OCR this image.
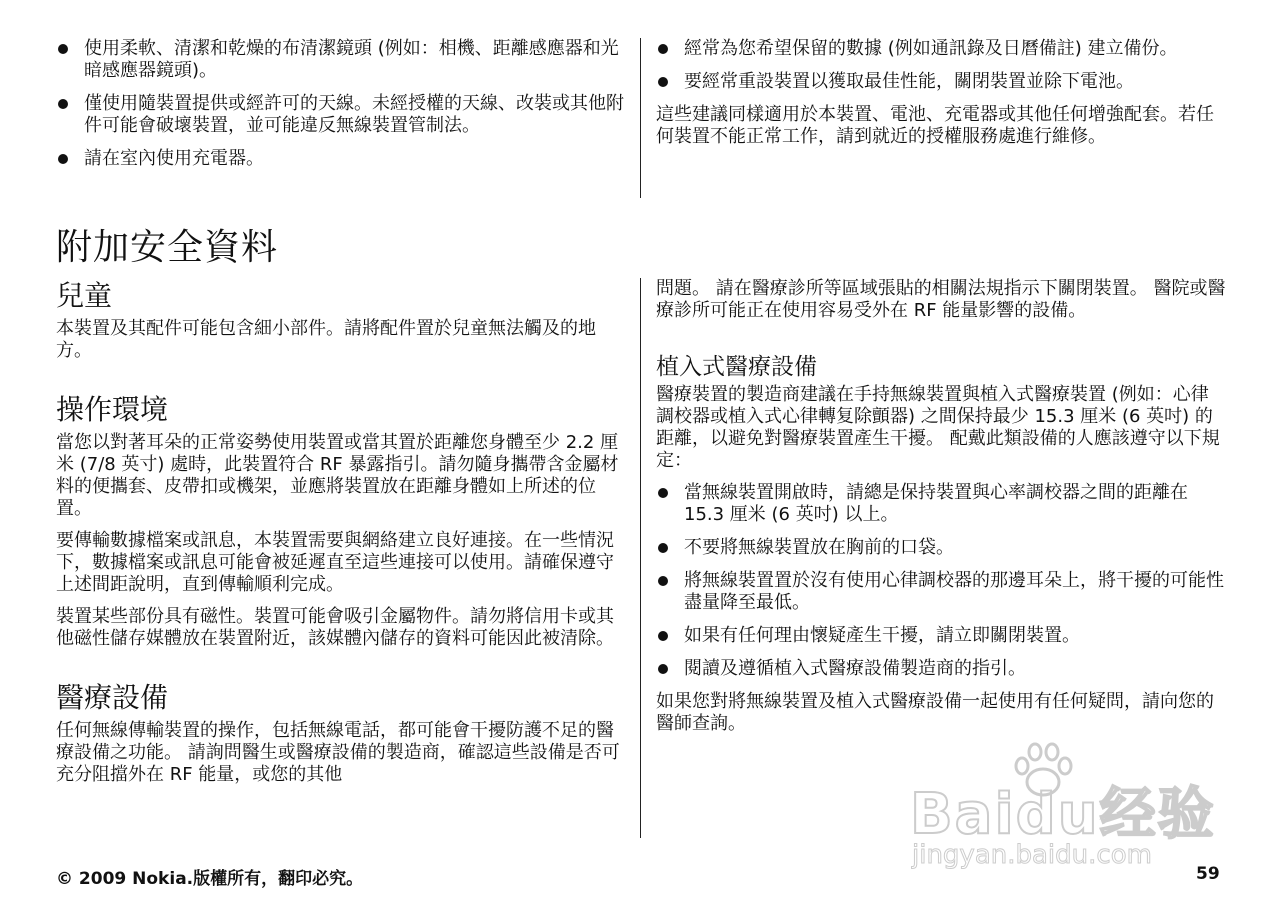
使用柔軟、清潔和乾燥的布清潔鏡頭 (例如：相機、距離感應器和光暗感應器鏡頭)。
僅使用隨裝置提供或經許可的天線。未經授權的天線、改裝或其他附件可能會破壞裝置，並可能違反無線裝置管制法。
請在室內使用充電器。
經常為您希望保留的數據 (例如通訊錄及日曆備註) 建立備份。
要經常重設裝置以獲取最佳性能，關閉裝置並除下電池。

這些建議同樣適用於本裝置、電池、充電器或其他任何增強配套。若任何裝置不能正常工作，請到就近的授權服務處進行維修。

附加安全資料
兒童

本裝置及其配件可能包含細小部件。請將配件置於兒童無法觸及的地方。

操作環境

當您以對著耳朵的正常姿勢使用裝置或當其置於距離您身體至少 2.2 厘米 (7/8 英寸) 處時，此裝置符合 RF 暴露指引。請勿隨身攜帶含金屬材料的便攜套、皮帶扣或機架，並應將裝置放在距離身體如上所述的位置。

要傳輸數據檔案或訊息，本裝置需要與網絡建立良好連接。在一些情況下，數據檔案或訊息可能會被延遲直至這些連接可以使用。請確保遵守上述間距說明，直到傳輸順利完成。

裝置某些部份具有磁性。裝置可能會吸引金屬物件。請勿將信用卡或其他磁性儲存媒體放在裝置附近，該媒體內儲存的資料可能因此被清除。

醫療設備

任何無線傳輸裝置的操作，包括無線電話，都可能會干擾防護不足的醫療設備之功能。 請詢問醫生或醫療設備的製造商，確認這些設備是否可充分阻擋外在 RF 能量，或您的其他

問題。 請在醫療診所等區域張貼的相關法規指示下關閉裝置。 醫院或醫療診所可能正在使用容易受外在 RF 能量影響的設備。

植入式醫療設備

醫療裝置的製造商建議在手持無線裝置與植入式醫療裝置 (例如：心律調校器或植入式心律轉复除顫器) 之間保持最少 15.3 厘米 (6 英吋) 的距離，以避免對醫療裝置產生干擾。 配戴此類設備的人應該遵守以下規定：

當無線裝置開啟時，請總是保持裝置與心率調校器之間的距離在 15.3 厘米 (6 英吋) 以上。
不要將無線裝置放在胸前的口袋。
將無線裝置置於沒有使用心律調校器的那邊耳朵上，將干擾的可能性盡量降至最低。
如果有任何理由懷疑產生干擾，請立即關閉裝置。
閱讀及遵循植入式醫療設備製造商的指引。

如果您對將無線裝置及植入式醫療設備一起使用有任何疑問，請向您的醫師查詢。

Baidu经验
jingyan.baidu.com
© 2009 Nokia.版權所有，翻印必究。	59
